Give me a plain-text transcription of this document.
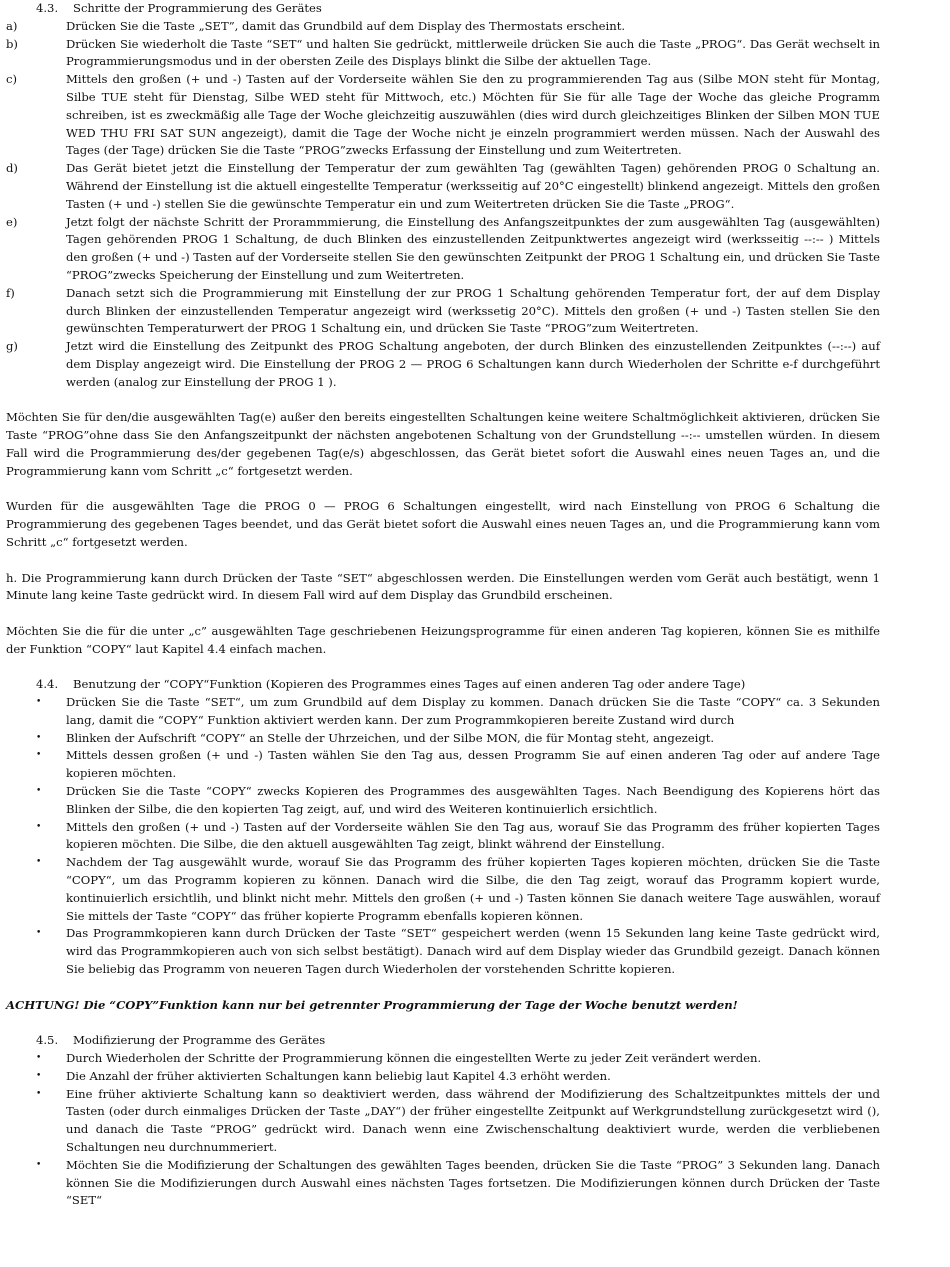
4.3.	Schritte der Programmierung des Gerätes
a)	Drücken Sie die Taste „SET”, damit das Grundbild auf dem Display des Thermostats erscheint.
b)	Drücken Sie wiederholt die Taste “SET“ und halten Sie gedrückt, mittlerweile drücken Sie auch die Taste „PROG“. Das Gerät wechselt in Programmierungsmodus und in der obersten Zeile des Displays blinkt die Silbe der aktuellen Tage.
c)	Mittels den großen (+ und -) Tasten auf der Vorderseite wählen Sie den zu programmierenden Tag aus (Silbe MON steht für Montag, Silbe TUE steht für Dienstag, Silbe WED steht für Mittwoch, etc.) Möchten für Sie für alle Tage der Woche das gleiche Programm schreiben, ist es zweckmäßig alle Tage der Woche gleichzeitig auszuwählen (dies wird durch gleichzeitiges Blinken der Silben MON TUE WED THU FRI SAT SUN angezeigt), damit die Tage der Woche nicht je einzeln programmiert werden müssen. Nach der Auswahl des Tages (der Tage) drücken Sie die Taste “PROG”zwecks Erfassung der Einstellung und zum Weitertreten.
d)	Das Gerät bietet jetzt die Einstellung der Temperatur der zum gewählten Tag (gewählten Tagen) gehörenden PROG 0 Schaltung an. Während der Einstellung ist die aktuell eingestellte Temperatur (werksseitig auf 20°C eingestellt) blinkend angezeigt. Mittels den großen Tasten (+ und -) stellen Sie die gewünschte Temperatur ein und zum Weitertreten drücken Sie die Taste „PROG“.
e)	Jetzt folgt der nächste Schritt der Prorammmierung, die Einstellung des Anfangszeitpunktes der zum ausgewählten Tag (ausgewählten) Tagen gehörenden PROG 1 Schaltung, de duch Blinken des einzustellenden Zeitpunktwertes angezeigt wird (werksseitig --:-- ) Mittels den großen (+ und -) Tasten auf der Vorderseite stellen Sie den gewünschten Zeitpunkt der PROG 1 Schaltung ein, und drücken Sie Taste “PROG”zwecks Speicherung der Einstellung und zum Weitertreten.
f)	Danach setzt sich die Programmierung mit Einstellung der zur PROG 1 Schaltung gehörenden Temperatur fort, der auf dem Display durch Blinken der einzustellenden Temperatur angezeigt wird (werkssetig 20°C). Mittels den großen (+ und -) Tasten stellen Sie den gewünschten Temperaturwert der PROG 1 Schaltung ein, und drücken Sie Taste “PROG”zum Weitertreten.
g)	Jetzt wird die Einstellung des Zeitpunkt des PROG Schaltung angeboten, der durch Blinken des einzustellenden Zeitpunktes (--:--) auf dem Display angezeigt wird. Die Einstellung der PROG 2 — PROG 6 Schaltungen kann durch Wiederholen der Schritte e-f durchgeführt werden (analog zur Einstellung der PROG 1 ).

Möchten Sie für den/die ausgewählten Tag(e) außer den bereits eingestellten Schaltungen keine weitere Schaltmöglichkeit aktivieren, drücken Sie Taste “PROG”ohne dass Sie den Anfangszeitpunkt der nächsten angebotenen Schaltung von der Grundstellung --:-- umstellen würden. In diesem Fall wird die Programmierung des/der gegebenen Tag(e/s) abgeschlossen, das Gerät bietet sofort die Auswahl eines neuen Tages an, und die Programmierung kann vom Schritt „c“ fortgesetzt werden.

Wurden für die ausgewählten Tage die PROG 0 — PROG 6 Schaltungen eingestellt, wird nach Einstellung von PROG 6 Schaltung die Programmierung des gegebenen Tages beendet, und das Gerät bietet sofort die Auswahl eines neuen Tages an, und die Programmierung kann vom Schritt „c“ fortgesetzt werden.

h. Die Programmierung kann durch Drücken der Taste “SET“ abgeschlossen werden. Die Einstellungen werden vom Gerät auch bestätigt, wenn 1 Minute lang keine Taste gedrückt wird. In diesem Fall wird auf dem Display das Grundbild erscheinen.

Möchten Sie die für die unter „c” ausgewählten Tage geschriebenen Heizungsprogramme für einen anderen Tag kopieren, können Sie es mithilfe der Funktion “COPY“ laut Kapitel 4.4 einfach machen.

4.4.	Benutzung der “COPY“Funktion (Kopieren des Programmes eines Tages auf einen anderen Tag oder andere Tage)
•	Drücken Sie die Taste “SET“, um zum Grundbild auf dem Display zu kommen. Danach drücken Sie die Taste “COPY“ ca. 3 Sekunden lang, damit die “COPY“ Funktion aktiviert werden kann. Der zum Programmkopieren bereite Zustand wird durch
•	Blinken der Aufschrift “COPY“ an Stelle der Uhrzeichen, und der Silbe MON, die für Montag steht, angezeigt.
•	Mittels dessen großen (+ und -) Tasten wählen Sie den Tag aus, dessen Programm Sie auf einen anderen Tag oder auf andere Tage kopieren möchten.
•	Drücken Sie die Taste “COPY“ zwecks Kopieren des Programmes des ausgewählten Tages. Nach Beendigung des Kopierens hört das Blinken der Silbe, die den kopierten Tag zeigt, auf, und wird des Weiteren kontinuierlich ersichtlich.
•	Mittels den großen (+ und -) Tasten auf der Vorderseite wählen Sie den Tag aus, worauf Sie das Programm des früher kopierten Tages kopieren möchten. Die Silbe, die den aktuell ausgewählten Tag zeigt, blinkt während der Einstellung.
•	Nachdem der Tag ausgewählt wurde, worauf Sie das Programm des früher kopierten Tages kopieren möchten, drücken Sie die Taste “COPY“, um das Programm kopieren zu können. Danach wird die Silbe, die den Tag zeigt, worauf das Programm kopiert wurde, kontinuierlich ersichtlih, und blinkt nicht mehr. Mittels den großen (+ und -) Tasten können Sie danach weitere Tage auswählen, worauf Sie mittels der Taste “COPY“ das früher kopierte Programm ebenfalls kopieren können.
•	Das Programmkopieren kann durch Drücken der Taste “SET“ gespeichert werden (wenn 15 Sekunden lang keine Taste gedrückt wird, wird das Programmkopieren auch von sich selbst bestätigt). Danach wird auf dem Display wieder das Grundbild gezeigt. Danach können Sie beliebig das Programm von neueren Tagen durch Wiederholen der vorstehenden Schritte kopieren.

ACHTUNG! Die “COPY”Funktion kann nur bei getrennter Programmierung der Tage der Woche benutzt werden!

4.5.	Modifizierung der Programme des Gerätes
•	Durch Wiederholen der Schritte der Programmierung können die eingestellten Werte zu jeder Zeit verändert werden.
•	Die Anzahl der früher aktivierten Schaltungen kann beliebig laut Kapitel 4.3 erhöht werden.
•	Eine früher aktivierte Schaltung kann so deaktiviert werden, dass während der Modifizierung des Schaltzeitpunktes mittels der und Tasten (oder durch einmaliges Drücken der Taste „DAY“) der früher eingestellte Zeitpunkt auf Werkgrundstellung zurückgesetzt wird (), und danach die Taste “PROG” gedrückt wird. Danach wenn eine Zwischenschaltung deaktiviert wurde, werden die verbliebenen Schaltungen neu durchnummeriert.
•	Möchten Sie die Modifizierung der Schaltungen des gewählten Tages beenden, drücken Sie die Taste “PROG” 3 Sekunden lang. Danach können Sie die Modifizierungen durch Auswahl eines nächsten Tages fortsetzen. Die Modifizierungen können durch Drücken der Taste “SET“
